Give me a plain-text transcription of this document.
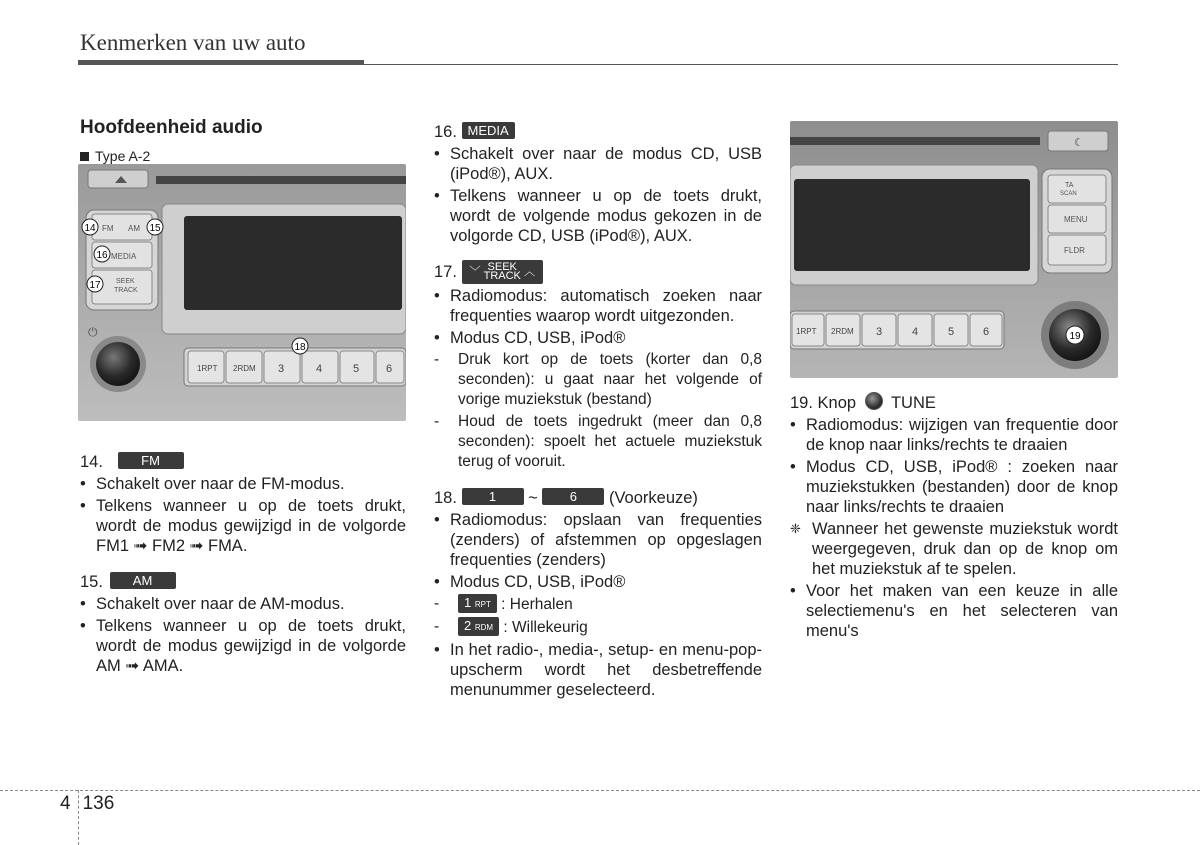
Kenmerken van uw auto
FM AM
MEDIA
SEEK
TRACK
⏻
1RPT 2RDM 3	4	5 6
14	15
16
17
18
☾
TA
SCAN
MENU
FLDR
1RPT 2RDM 3	4	5	6	19
Hoofdeenheid audio
Type A-2
14.	FM
• Schakelt over naar de FM-modus.
• Telkens wanneer u op de toets drukt, wordt de modus gewijzigd in de volgorde FM1 ➟ FM2 ➟ FMA.
15. AM
• Schakelt over naar de AM-modus.
• Telkens wanneer u op de toets drukt, wordt de modus gewijzigd in de volgorde AM ➟ AMA.
16. MEDIA
• Schakelt over naar de modus CD, USB (iPod®), AUX.
• Telkens wanneer u op de toets drukt, wordt de volgende modus gekozen in de volgorde CD, USB (iPod®), AUX.
17. ﹀ SEEK
TRACK ︿
• Radiomodus: automatisch zoeken naar frequenties waarop wordt uitgezonden.
• Modus CD, USB, iPod®
- Druk kort op de toets (korter dan 0,8 seconden): u gaat naar het volgende of vorige muziekstuk (bestand)
- Houd de toets ingedrukt (meer dan 0,8 seconden): spoelt het actuele muziekstuk terug of vooruit.
18. 1 ~ 6 (Voorkeuze)
• Radiomodus: opslaan van frequenties (zenders) of afstemmen op opgeslagen frequenties (zenders)
• Modus CD, USB, iPod®
- 1 RPT : Herhalen
- 2 RDM : Willekeurig
• In het radio-, media-, setup- en menu-pop-upscherm wordt het desbetreffende menunummer geselecteerd.
19. Knop TUNE
• Radiomodus: wijzigen van frequentie door de knop naar links/rechts te draaien
• Modus CD, USB, iPod® : zoeken naar muziekstukken (bestanden) door de knop naar links/rechts te draaien
❈ Wanneer het gewenste muziekstuk wordt weergegeven, druk dan op de knop om het muziekstuk af te spelen.
• Voor het maken van een keuze in alle selectiemenu's en het selecteren van menu's
4 136
